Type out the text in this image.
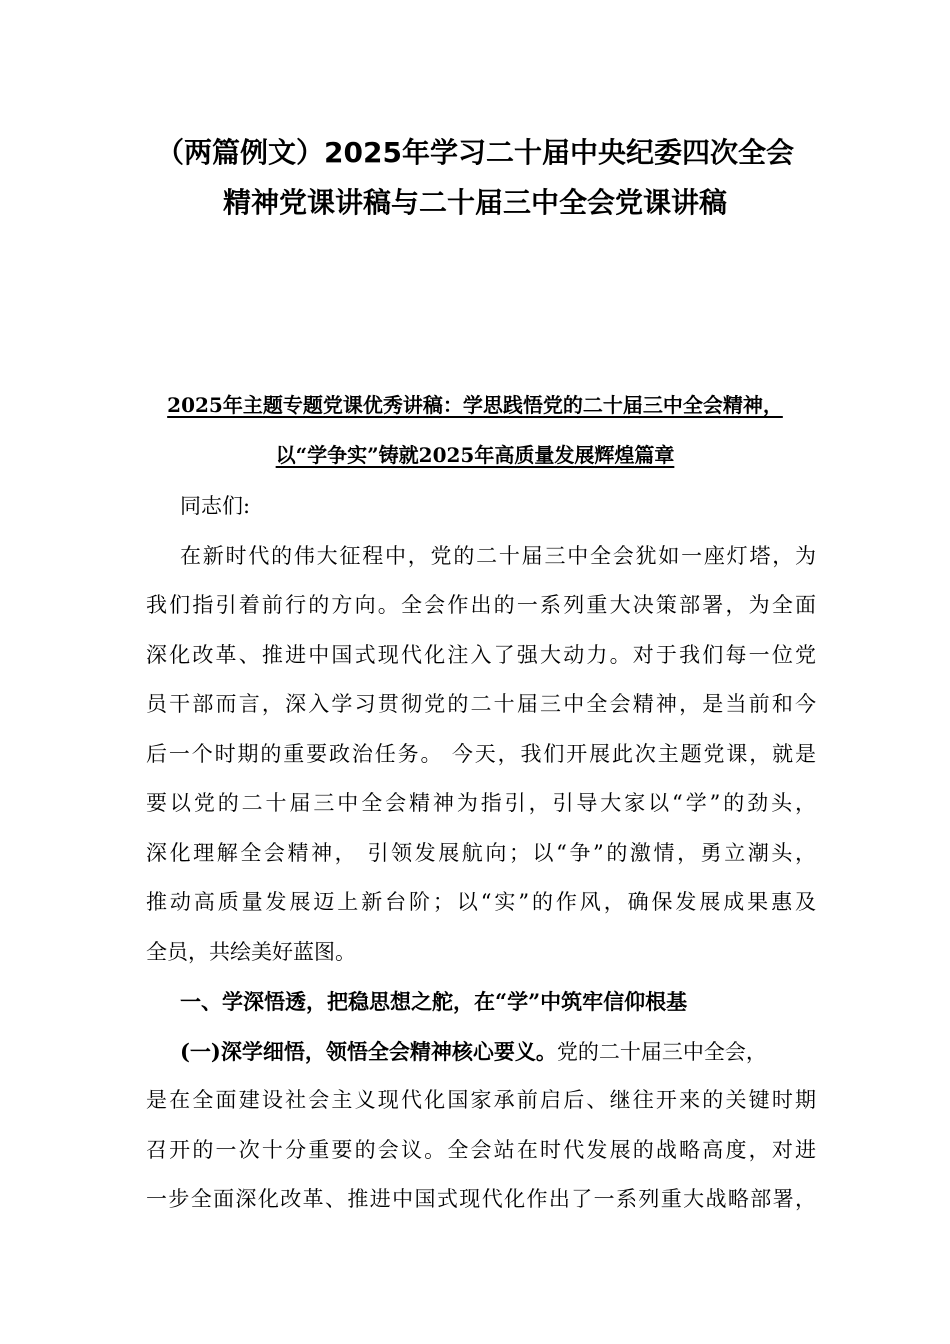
（两篇例文）2025年学习二十届中央纪委四次全会
精神党课讲稿与二十届三中全会党课讲稿
2025年主题专题党课优秀讲稿：学思践悟党的二十届三中全会精神，
以“学争实”铸就2025年高质量发展辉煌篇章
同志们:
在新时代的伟大征程中，党的二十届三中全会犹如一座灯塔，为
我们指引着前行的方向。全会作出的一系列重大决策部署，为全面
深化改革、推进中国式现代化注入了强大动力。对于我们每一位党
员干部而言，深入学习贯彻党的二十届三中全会精神，是当前和今
后一个时期的重要政治任务。 今天，我们开展此次主题党课，就是
要以党的二十届三中全会精神为指引，引导大家以“学”的劲头，
深化理解全会精神， 引领发展航向；以“争”的激情，勇立潮头，
推动高质量发展迈上新台阶；以“实”的作风，确保发展成果惠及
全员，共绘美好蓝图。
一、学深悟透，把稳思想之舵，在“学”中筑牢信仰根基
(一)深学细悟，领悟全会精神核心要义。党的二十届三中全会，
是在全面建设社会主义现代化国家承前启后、继往开来的关键时期
召开的一次十分重要的会议。全会站在时代发展的战略高度，对进
一步全面深化改革、推进中国式现代化作出了一系列重大战略部署，
